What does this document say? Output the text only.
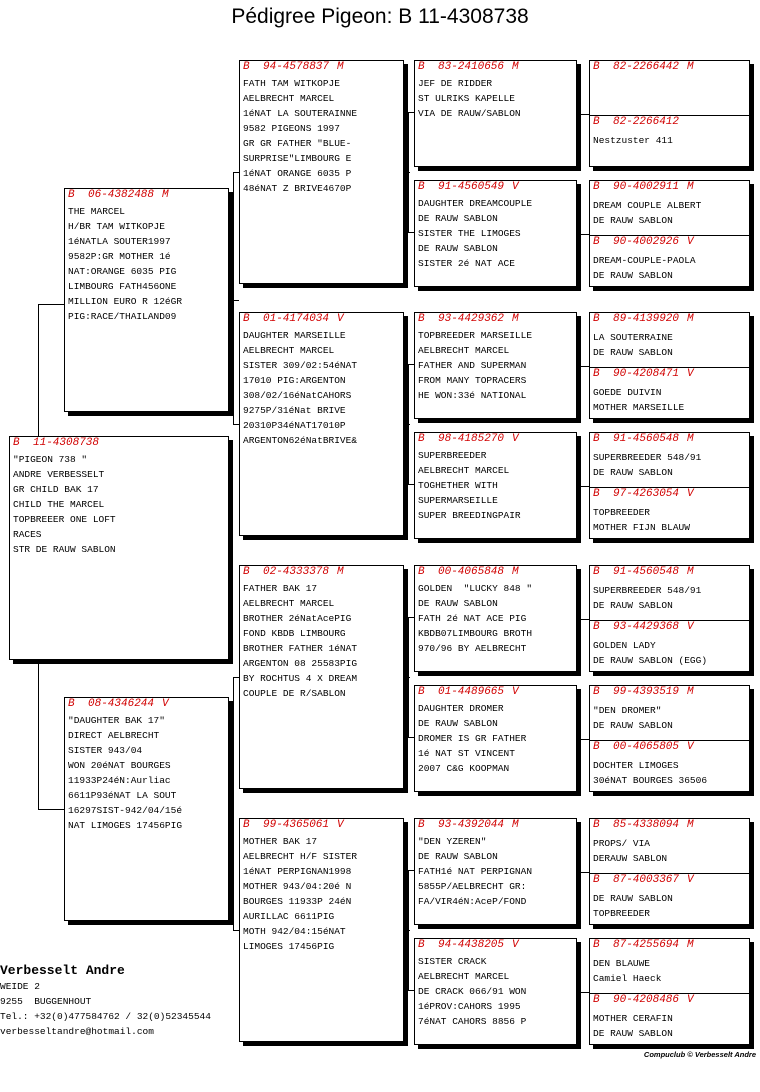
Pédigree Pigeon: B 11-4308738
B	11-4308738
"PIGEON 738 "
ANDRE VERBESSELT
GR CHILD BAK 17
CHILD THE MARCEL
TOPBREEER ONE LOFT
RACES
STR DE RAUW SABLON
B	06-4382488 M
THE MARCEL
H/BR TAM WITKOPJE
1éNATLA SOUTER1997
9582P:GR MOTHER 1é
NAT:ORANGE 6035 PIG
LIMBOURG FATH456ONE
MILLION EURO R 12éGR
PIG:RACE/THAILAND09
B	08-4346244 V
"DAUGHTER BAK 17"
DIRECT AELBRECHT
SISTER 943/04
WON 20éNAT BOURGES
11933P24éN:Aurliac
6611P93éNAT LA SOUT
16297SIST-942/04/15é
NAT LIMOGES 17456PIG
B	94-4578837 M
FATH TAM WITKOPJE
AELBRECHT MARCEL
1éNAT LA SOUTERAINNE
9582 PIGEONS 1997
GR GR FATHER "BLUE-
SURPRISE"LIMBOURG E
1éNAT ORANGE 6035 P
48éNAT Z BRIVE4670P
B	01-4174034 V
DAUGHTER MARSEILLE
AELBRECHT MARCEL
SISTER 309/02:54éNAT
17010 PIG:ARGENTON
308/02/16éNatCAHORS
9275P/31éNat BRIVE
20310P34éNAT17010P
ARGENTON62éNatBRIVE&
B	02-4333378 M
FATHER BAK 17
AELBRECHT MARCEL
BROTHER 2éNatAcePIG
FOND KBDB LIMBOURG
BROTHER FATHER 1éNAT
ARGENTON 08 25583PIG
BY ROCHTUS 4 X DREAM
COUPLE DE R/SABLON
B	99-4365061 V
MOTHER BAK 17
AELBRECHT H/F SISTER
1éNAT PERPIGNAN1998
MOTHER 943/04:20é N
BOURGES 11933P 24éN
AURILLAC 6611PIG
MOTH 942/04:15éNAT
LIMOGES 17456PIG
B	83-2410656 M
JEF DE RIDDER
ST ULRIKS KAPELLE
VIA DE RAUW/SABLON
B	91-4560549 V
DAUGHTER DREAMCOUPLE
DE RAUW SABLON
SISTER THE LIMOGES
DE RAUW SABLON
SISTER 2é NAT ACE
B	93-4429362 M
TOPBREEDER MARSEILLE
AELBRECHT MARCEL
FATHER AND SUPERMAN
FROM MANY TOPRACERS
HE WON:33é NATIONAL
B	98-4185270 V
SUPERBREEDER
AELBRECHT MARCEL
TOGHETHER WITH
SUPERMARSEILLE
SUPER BREEDINGPAIR
B	00-4065848 M
GOLDEN  "LUCKY 848 "
DE RAUW SABLON
FATH 2é NAT ACE PIG
KBDB07LIMBOURG BROTH
970/96 BY AELBRECHT
B	01-4489665 V
DAUGHTER DROMER
DE RAUW SABLON
DROMER IS GR FATHER
1é NAT ST VINCENT
2007 C&G KOOPMAN
B	93-4392044 M
"DEN YZEREN"
DE RAUW SABLON
FATH1é NAT PERPIGNAN
5855P/AELBRECHT GR:
FA/VIR4éN:AceP/FOND
B	94-4438205 V
SISTER CRACK
AELBRECHT MARCEL
DE CRACK 066/91 WON
1éPROV:CAHORS 1995
7éNAT CAHORS 8856 P
B	82-2266442 M
B	82-2266412
Nestzuster 411
B	90-4002911 M
DREAM COUPLE ALBERT
DE RAUW SABLON
B	90-4002926 V
DREAM-COUPLE-PAOLA
DE RAUW SABLON
B	89-4139920 M
LA SOUTERRAINE
DE RAUW SABLON
B	90-4208471 V
GOEDE DUIVIN
MOTHER MARSEILLE
B	91-4560548 M
SUPERBREEDER 548/91
DE RAUW SABLON
B	97-4263054 V
TOPBREEDER
MOTHER FIJN BLAUW
B	91-4560548 M
SUPERBREEDER 548/91
DE RAUW SABLON
B	93-4429368 V
GOLDEN LADY
DE RAUW SABLON (EGG)
B	99-4393519 M
"DEN DROMER"
DE RAUW SABLON
B	00-4065805 V
DOCHTER LIMOGES
30éNAT BOURGES 36506
B	85-4338094 M
PROPS/ VIA
DERAUW SABLON
B	87-4003367 V
DE RAUW SABLON
TOPBREEDER
B	87-4255694 M
DEN BLAUWE
Camiel Haeck
B	90-4208486 V
MOTHER CERAFIN
DE RAUW SABLON
Verbesselt Andre
WEIDE 2
9255  BUGGENHOUT
Tel.: +32(0)477584762 / 32(0)52345544
verbesseltandre@hotmail.com
Compuclub © Verbesselt Andre
